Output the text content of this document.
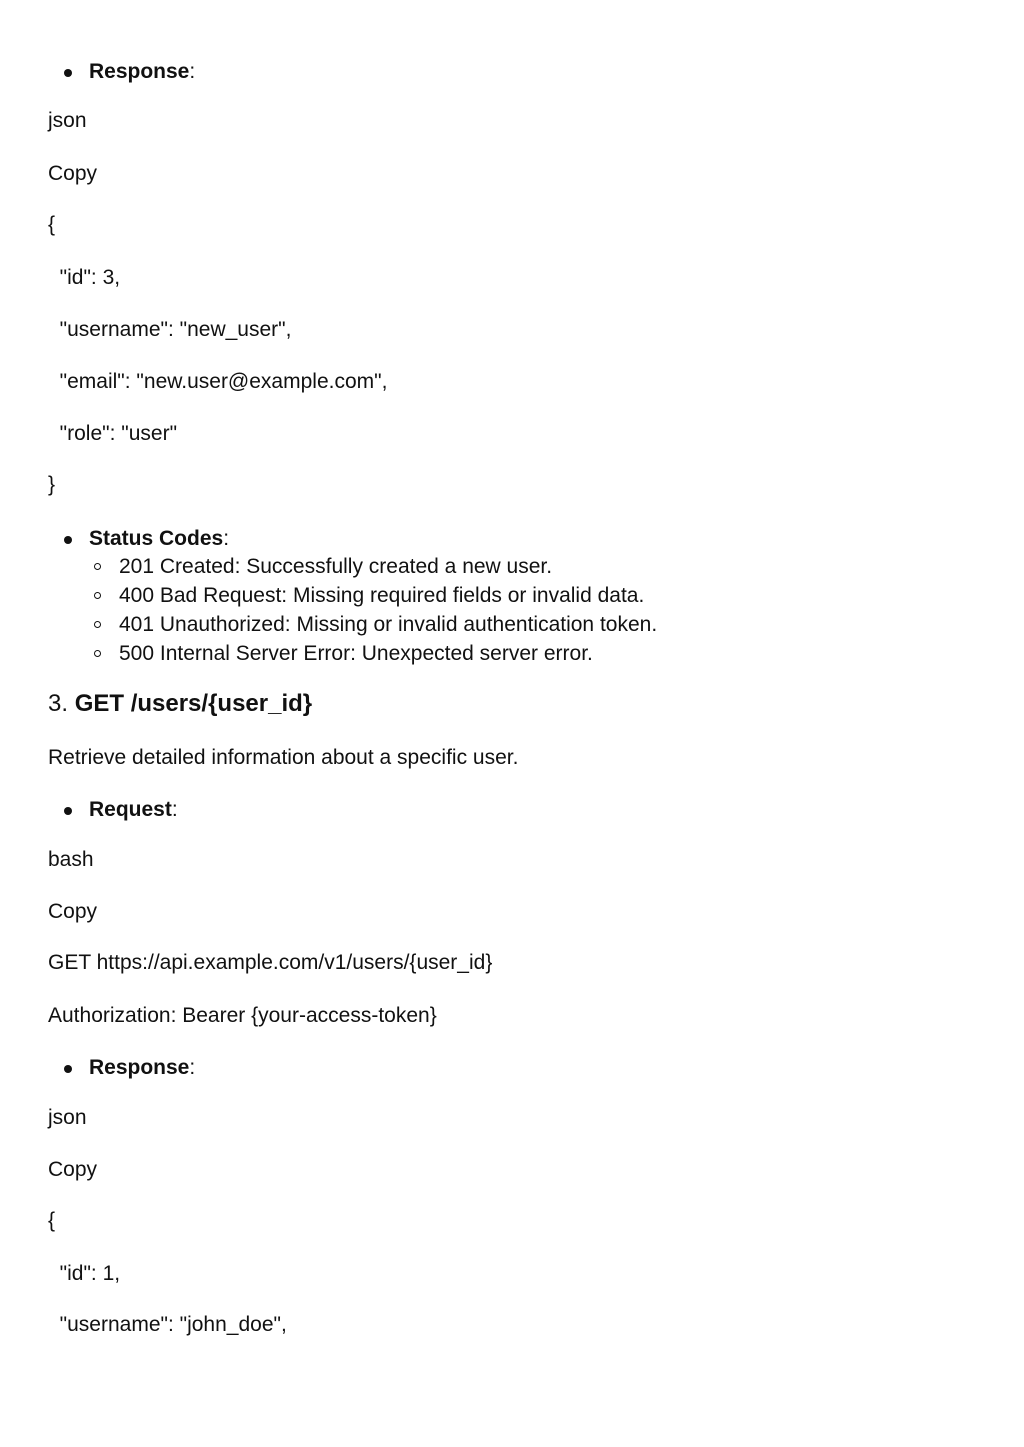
Response:
json
Copy
{
"id": 3,
"username": "new_user",
"email": "new.user@example.com",
"role": "user"
}
Status Codes:
201 Created: Successfully created a new user.
400 Bad Request: Missing required fields or invalid data.
401 Unauthorized: Missing or invalid authentication token.
500 Internal Server Error: Unexpected server error.
3. GET /users/{user_id}
Retrieve detailed information about a specific user.
Request:
bash
Copy
GET https://api.example.com/v1/users/{user_id}
Authorization: Bearer {your-access-token}
Response:
json
Copy
{
"id": 1,
"username": "john_doe",
